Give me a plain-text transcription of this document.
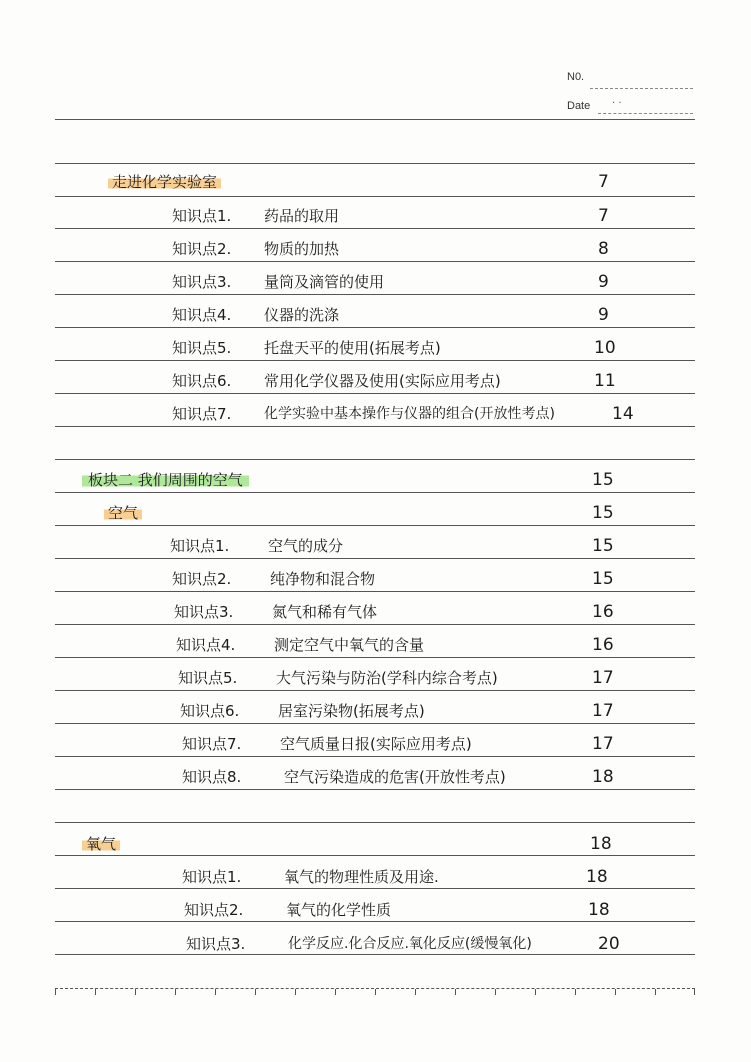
N0.
Date · ·
走进化学实验室	7
知识点1. 药品的取用	7
知识点2. 物质的加热	8
知识点3. 量筒及滴管的使用	9
知识点4. 仪器的洗涤	9
知识点5. 托盘天平的使用(拓展考点)	10
知识点6. 常用化学仪器及使用(实际应用考点)	11
知识点7. 化学实验中基本操作与仪器的组合(开放性考点)	14
板块二 我们周围的空气	15
空气	15
知识点1.	空气的成分	15
知识点2.	纯净物和混合物	15
知识点3.	氮气和稀有气体	16
知识点4.	测定空气中氧气的含量	16
知识点5.	大气污染与防治(学科内综合考点)	17
知识点6.	居室污染物(拓展考点)	17
知识点7.	空气质量日报(实际应用考点)	17
知识点8.	空气污染造成的危害(开放性考点)	18
氧气	18
知识点1.	氧气的物理性质及用途.	18
知识点2.	氧气的化学性质	18
知识点3.	化学反应.化合反应.氧化反应(缓慢氧化)	20
